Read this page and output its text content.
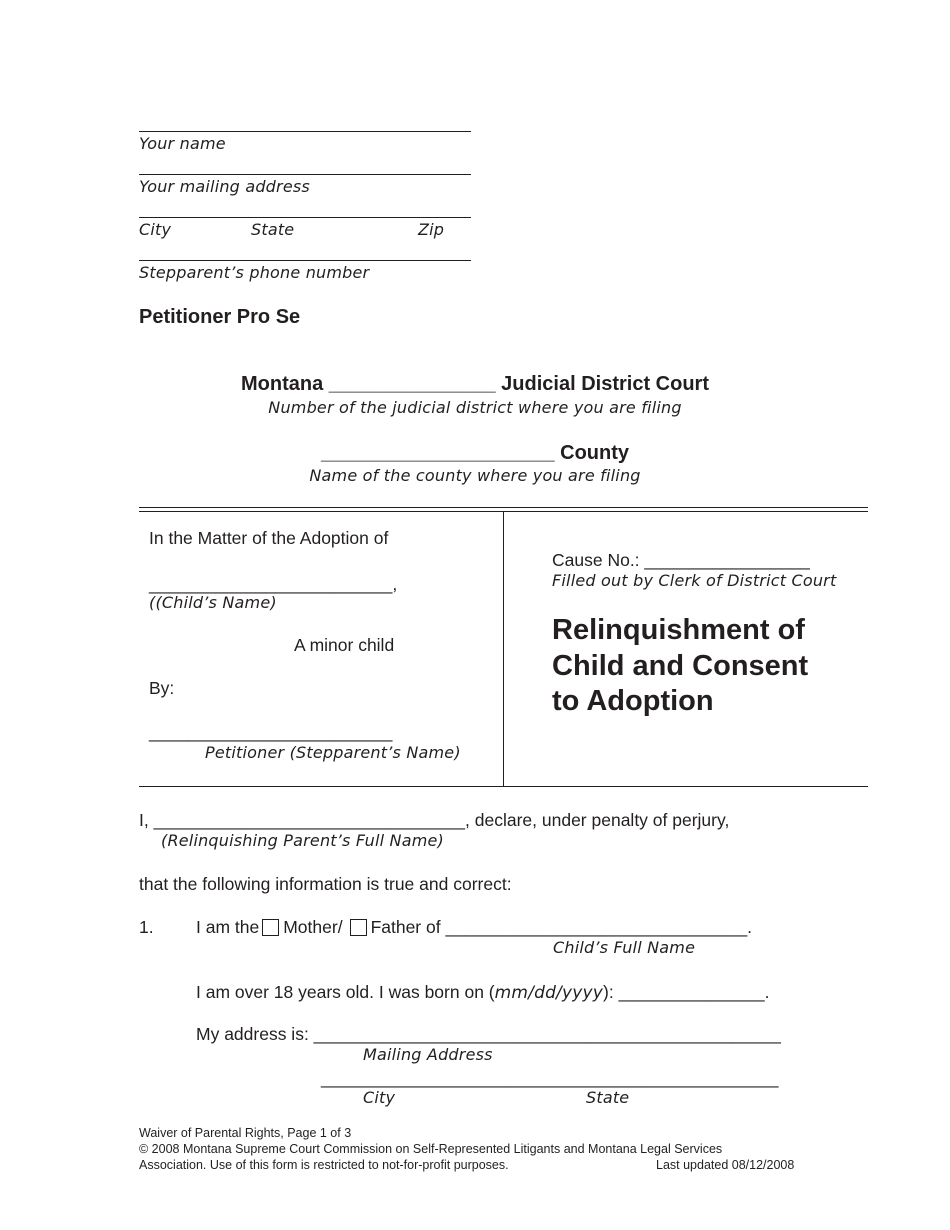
Your name
Your mailing address
City	State	Zip
Stepparent’s phone number
Petitioner Pro Se
Montana _______________ Judicial District Court
Number of the judicial district where you are filing
_____________________ County
Name of the county where you are filing
In the Matter of the Adoption of
_________________________,
((Child’s Name)
A minor child
By:
_________________________
Petitioner (Stepparent’s Name)
Cause No.: _________________
Filled out by Clerk of District Court
Relinquishment of
Child and Consent
to Adoption
I, ________________________________, declare, under penalty of perjury,
(Relinquishing Parent’s Full Name)
that the following information is true and correct:
1. I am the Mother/ Father of _______________________________.
Child’s Full Name
I am over 18 years old. I was born on (mm/dd/yyyy): _______________.
My address is: ________________________________________________
Mailing Address
_______________________________________________
City	State
Waiver of Parental Rights, Page 1 of 3
© 2008 Montana Supreme Court Commission on Self-Represented Litigants and Montana Legal Services
Association. Use of this form is restricted to not-for-profit purposes.	Last updated 08/12/2008
